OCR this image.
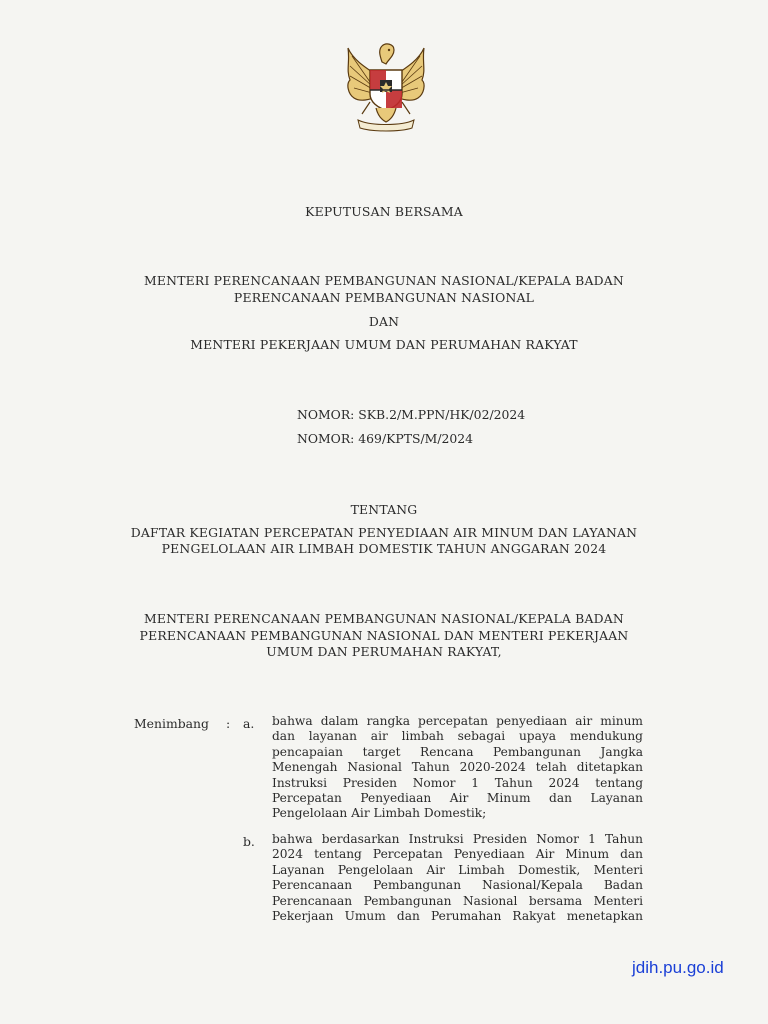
KEPUTUSAN BERSAMA
MENTERI PERENCANAAN PEMBANGUNAN NASIONAL/KEPALA BADAN
PERENCANAAN PEMBANGUNAN NASIONAL
DAN
MENTERI PEKERJAAN UMUM DAN PERUMAHAN RAKYAT
NOMOR: SKB.2/M.PPN/HK/02/2024
NOMOR: 469/KPTS/M/2024
TENTANG
DAFTAR KEGIATAN PERCEPATAN PENYEDIAAN AIR MINUM DAN LAYANAN
PENGELOLAAN AIR LIMBAH DOMESTIK TAHUN ANGGARAN 2024
MENTERI PERENCANAAN PEMBANGUNAN NASIONAL/KEPALA BADAN
PERENCANAAN PEMBANGUNAN NASIONAL DAN MENTERI PEKERJAAN
UMUM DAN PERUMAHAN RAKYAT,
Menimbang : a. bahwa dalam rangka percepatan penyediaan air minum
dan layanan air limbah sebagai upaya mendukung
pencapaian target Rencana Pembangunan Jangka
Menengah Nasional Tahun 2020-2024 telah ditetapkan
Instruksi Presiden Nomor 1 Tahun 2024 tentang
Percepatan Penyediaan Air Minum dan Layanan
Pengelolaan Air Limbah Domestik;
b. bahwa berdasarkan Instruksi Presiden Nomor 1 Tahun
2024 tentang Percepatan Penyediaan Air Minum dan
Layanan Pengelolaan Air Limbah Domestik, Menteri
Perencanaan Pembangunan Nasional/Kepala Badan
Perencanaan Pembangunan Nasional bersama Menteri
Pekerjaan Umum dan Perumahan Rakyat menetapkan
jdih.pu.go.id
